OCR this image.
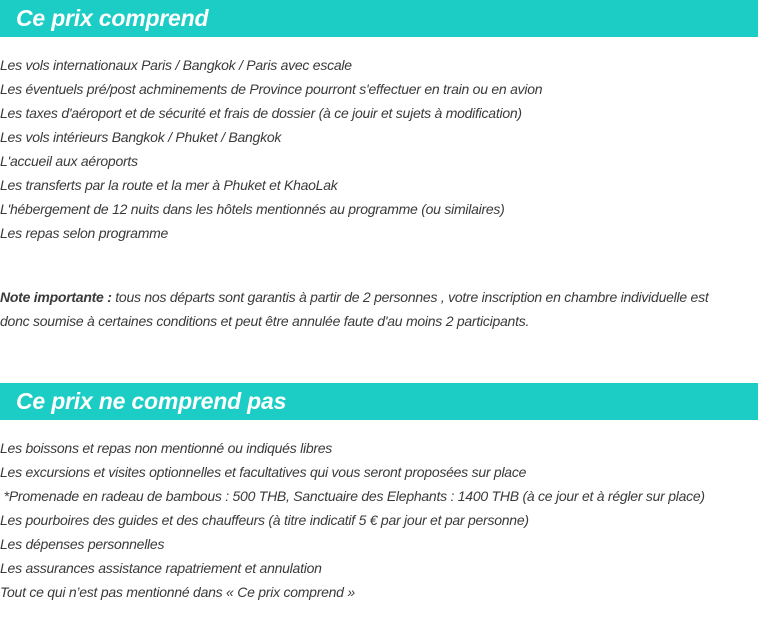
Ce prix comprend
Les vols internationaux Paris / Bangkok / Paris avec escale
Les éventuels pré/post achminements de Province pourront s'effectuer en train ou en avion
Les taxes d'aéroport et de sécurité et frais de dossier (à ce jouir et sujets à modification)
Les vols intérieurs Bangkok / Phuket / Bangkok
L'accueil aux aéroports
Les transferts par la route et la mer à Phuket et KhaoLak
L'hébergement de 12 nuits dans les hôtels mentionnés au programme (ou similaires)
Les repas selon programme

Note importante : tous nos départs sont garantis à partir de 2 personnes , votre inscription en chambre individuelle est
donc soumise à certaines conditions et peut être annulée faute d'au moins 2 participants.

Ce prix ne comprend pas
Les boissons et repas non mentionné ou indiqués libres
Les excursions et visites optionnelles et facultatives qui vous seront proposées sur place
*Promenade en radeau de bambous : 500 THB, Sanctuaire des Elephants : 1400 THB (à ce jour et à régler sur place)
Les pourboires des guides et des chauffeurs (à titre indicatif 5 € par jour et par personne)
Les dépenses personnelles
Les assurances assistance rapatriement et annulation
Tout ce qui n’est pas mentionné dans « Ce prix comprend »
